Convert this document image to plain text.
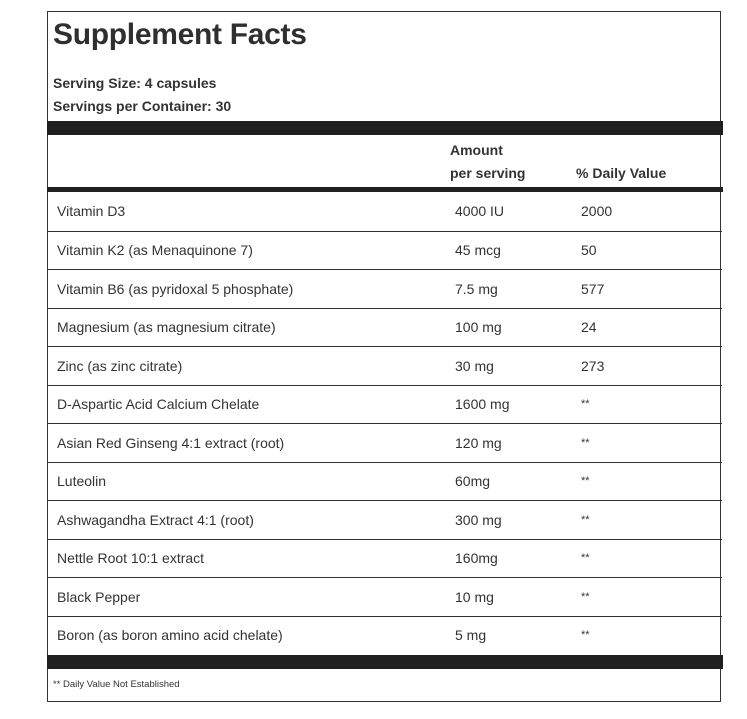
Supplement Facts
Serving Size: 4 capsules
Servings per Container: 30
Amount
per serving	% Daily Value
Vitamin D3	4000 IU	2000
Vitamin K2 (as Menaquinone 7)	45 mcg	50
Vitamin B6 (as pyridoxal 5 phosphate)	7.5 mg	577
Magnesium (as magnesium citrate)	100 mg	24
Zinc (as zinc citrate)	30 mg	273
D-Aspartic Acid Calcium Chelate	1600 mg	**
Asian Red Ginseng 4:1 extract (root)	120 mg	**
Luteolin	60mg	**
Ashwagandha Extract 4:1 (root)	300 mg	**
Nettle Root 10:1 extract	160mg	**
Black Pepper	10 mg	**
Boron (as boron amino acid chelate)	5 mg	**
** Daily Value Not Established
